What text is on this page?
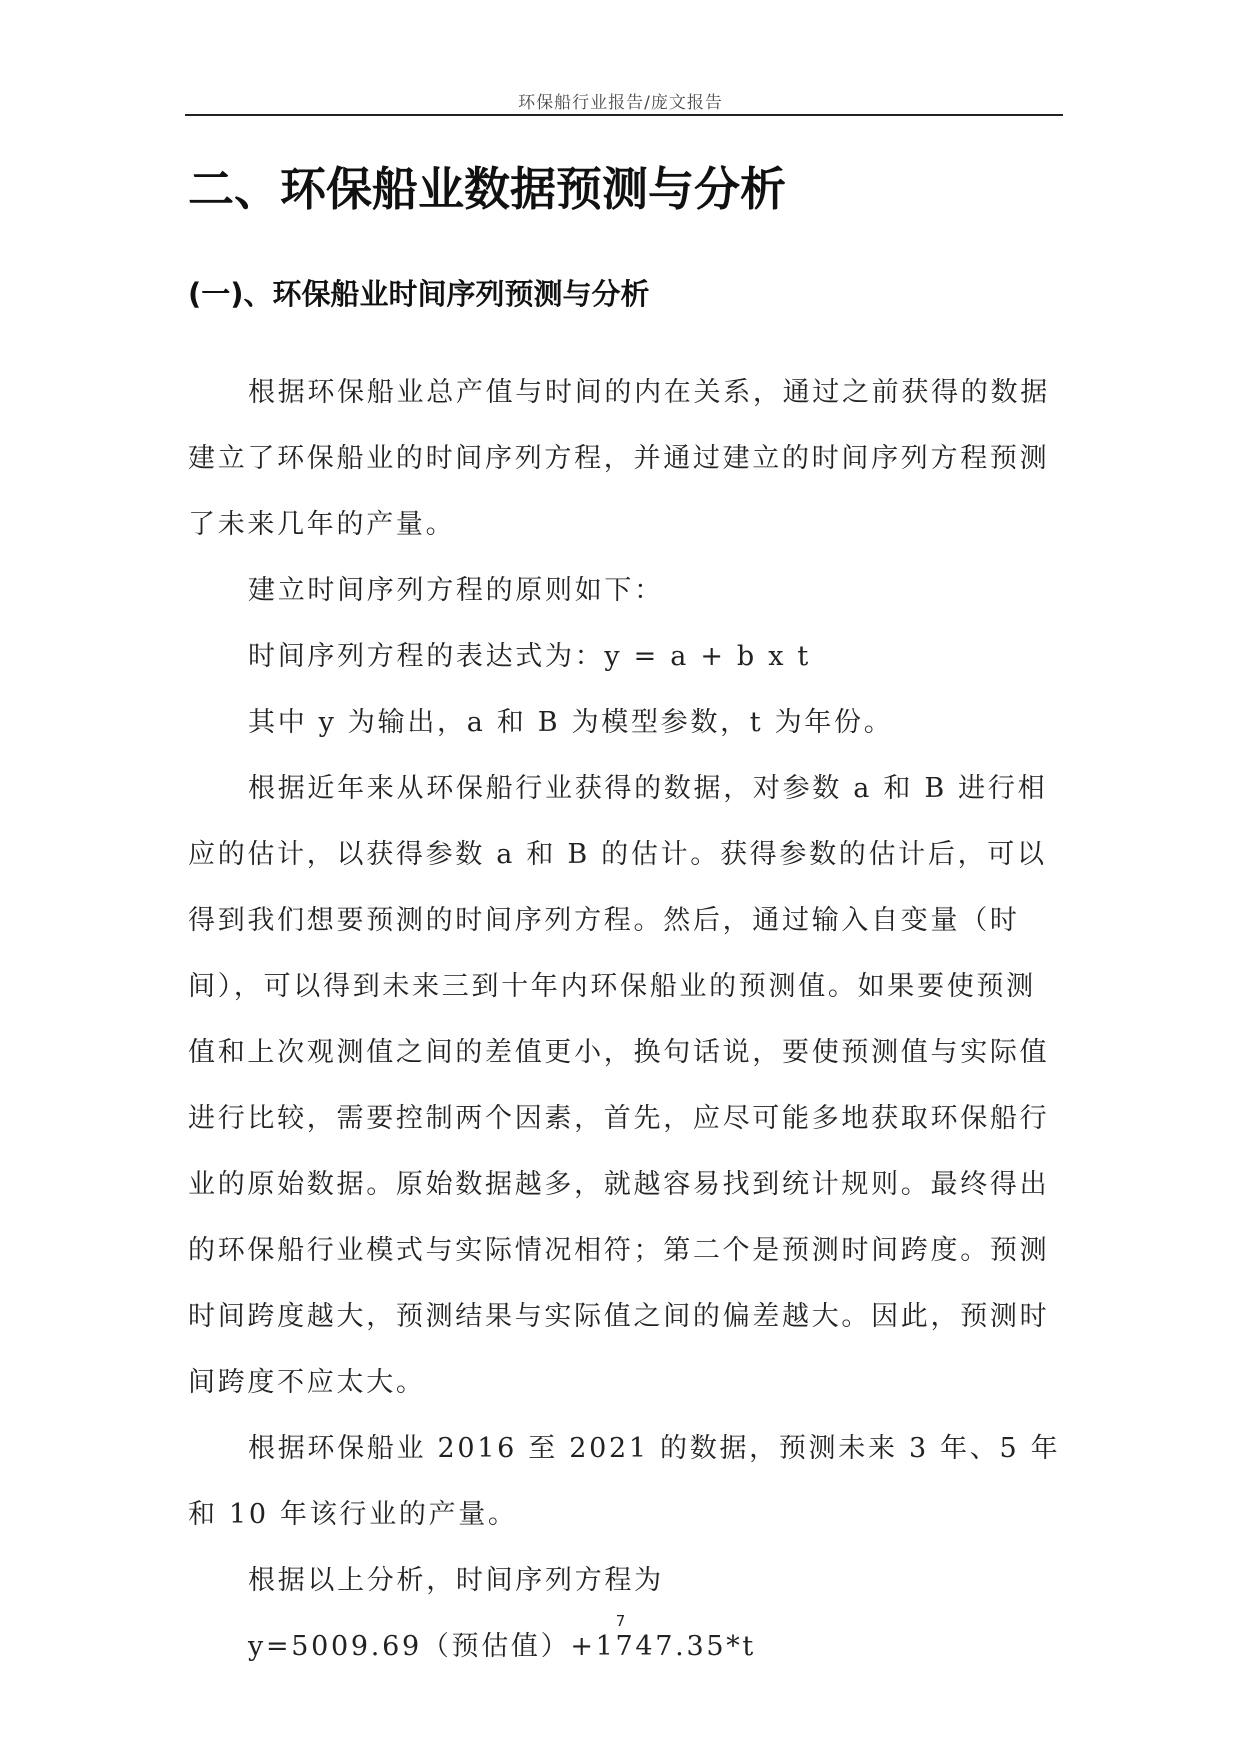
环保船行业报告/庞文报告
二、环保船业数据预测与分析
(一)、环保船业时间序列预测与分析

根据环保船业总产值与时间的内在关系，通过之前获得的数据建立了环保船业的时间序列方程，并通过建立的时间序列方程预测了未来几年的产量。

建立时间序列方程的原则如下：

时间序列方程的表达式为：y = a + b x t

其中 y 为输出，a 和 B 为模型参数，t 为年份。

根据近年来从环保船行业获得的数据，对参数 a 和 B 进行相应的估计，以获得参数 a 和 B 的估计。获得参数的估计后，可以得到我们想要预测的时间序列方程。然后，通过输入自变量（时间），可以得到未来三到十年内环保船业的预测值。如果要使预测值和上次观测值之间的差值更小，换句话说，要使预测值与实际值进行比较，需要控制两个因素，首先，应尽可能多地获取环保船行业的原始数据。原始数据越多，就越容易找到统计规则。最终得出的环保船行业模式与实际情况相符；第二个是预测时间跨度。预测时间跨度越大，预测结果与实际值之间的偏差越大。因此，预测时间跨度不应太大。

根据环保船业 2016 至 2021 的数据，预测未来 3 年、5 年和 10 年该行业的产量。

根据以上分析，时间序列方程为

y=5009.69（预估值）+1747.35*t

7
